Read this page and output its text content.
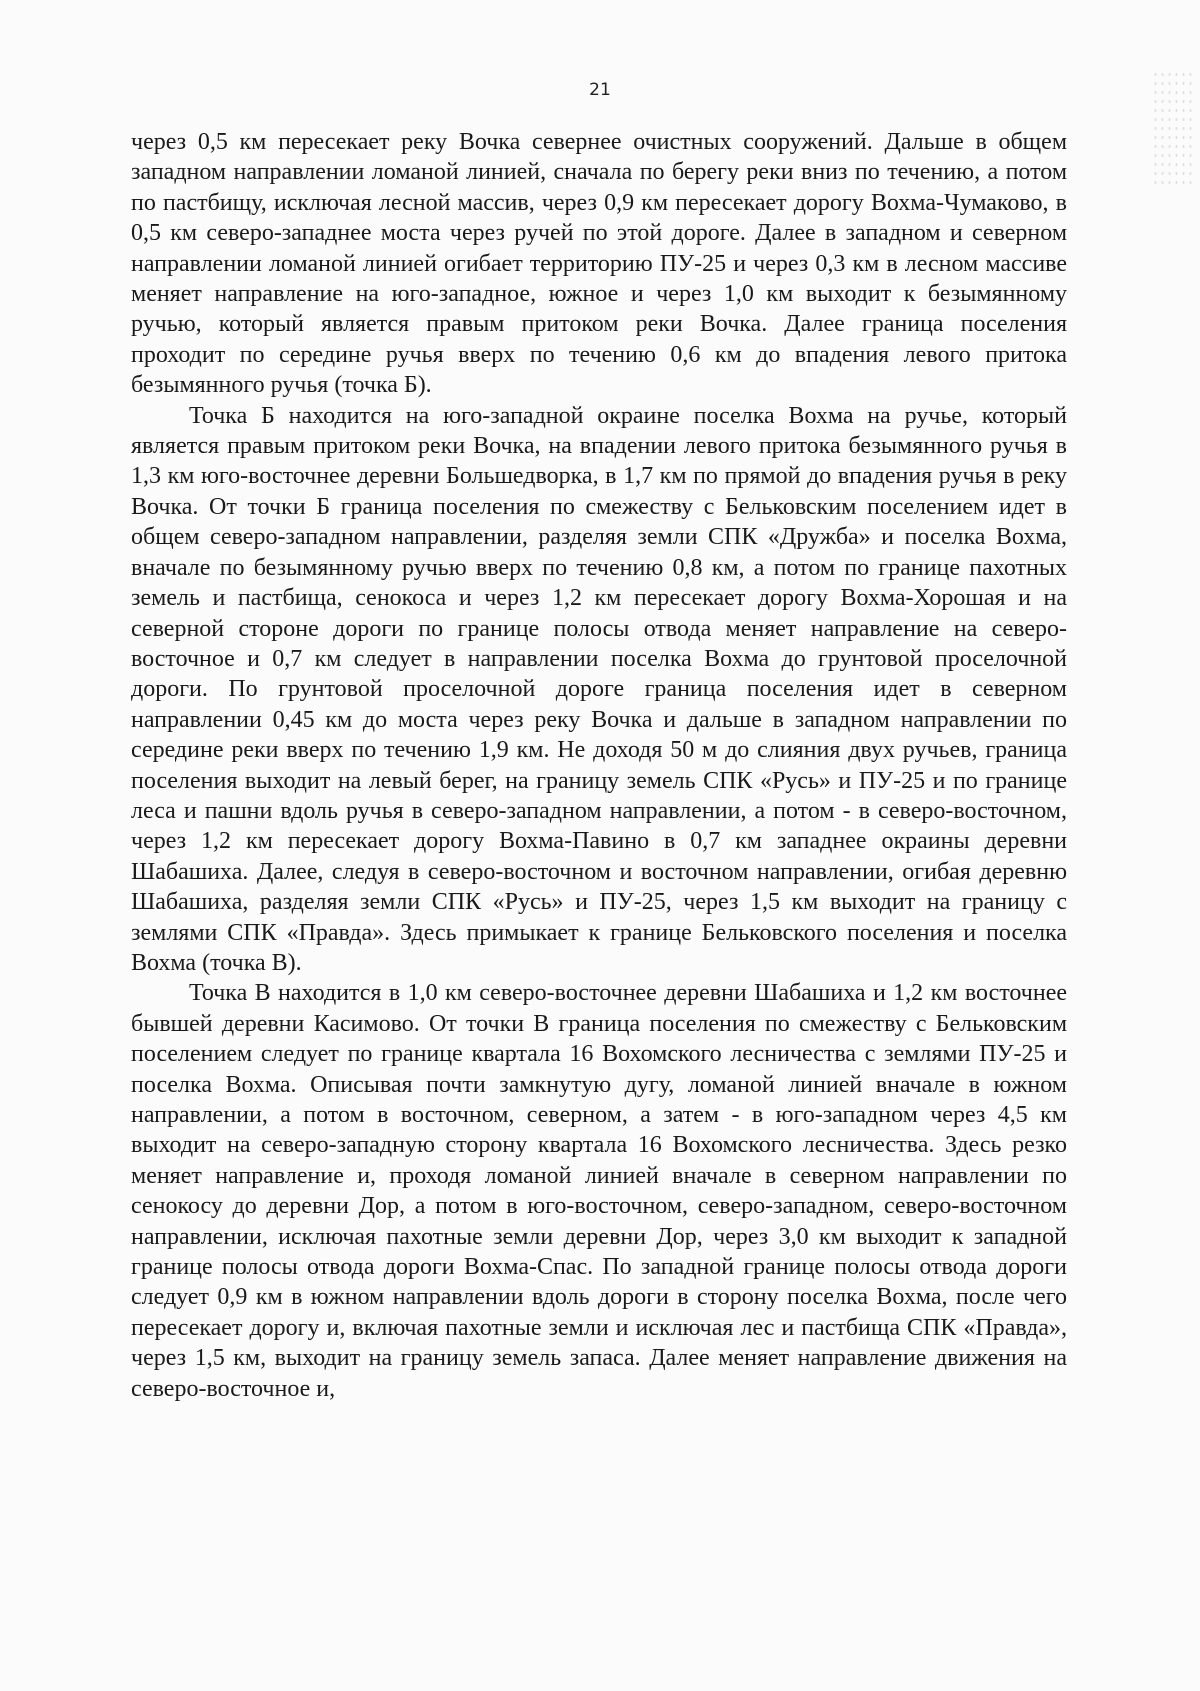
21

через 0,5 км пересекает реку Вочка севернее очистных сооружений. Дальше в общем западном направлении ломаной линией, сначала по берегу реки вниз по течению, а потом по пастбищу, исключая лесной массив, через 0,9 км пересекает дорогу Вохма-Чумаково, в 0,5 км северо-западнее моста через ручей по этой дороге. Далее в западном и северном направлении ломаной линией огибает территорию ПУ-25 и через 0,3 км в лесном массиве меняет направление на юго-западное, южное и через 1,0 км выходит к безымянному ручью, который является правым притоком реки Вочка. Далее граница поселения проходит по середине ручья вверх по течению 0,6 км до впадения левого притока безымянного ручья (точка Б).

Точка Б находится на юго-западной окраине поселка Вохма на ручье, который является правым притоком реки Вочка, на впадении левого притока безымянного ручья в 1,3 км юго-восточнее деревни Большедворка, в 1,7 км по прямой до впадения ручья в реку Вочка. От точки Б граница поселения по смежеству с Бельковским поселением идет в общем северо-западном направлении, разделяя земли СПК «Дружба» и поселка Вохма, вначале по безымянному ручью вверх по течению 0,8 км, а потом по границе пахотных земель и пастбища, сенокоса и через 1,2 км пересекает дорогу Вохма-Хорошая и на северной стороне дороги по границе полосы отвода меняет направление на северо-восточное и 0,7 км следует в направлении поселка Вохма до грунтовой проселочной дороги. По грунтовой проселочной дороге граница поселения идет в северном направлении 0,45 км до моста через реку Вочка и дальше в западном направлении по середине реки вверх по течению 1,9 км. Не доходя 50 м до слияния двух ручьев, граница поселения выходит на левый берег, на границу земель СПК «Русь» и ПУ-25 и по границе леса и пашни вдоль ручья в северо-западном направлении, а потом - в северо-восточном, через 1,2 км пересекает дорогу Вохма-Павино в 0,7 км западнее окраины деревни Шабашиха. Далее, следуя в северо-восточном и восточном направлении, огибая деревню Шабашиха, разделяя земли СПК «Русь» и ПУ-25, через 1,5 км выходит на границу с землями СПК «Правда». Здесь примыкает к границе Бельковского поселения и поселка Вохма (точка В).

Точка В находится в 1,0 км северо-восточнее деревни Шабашиха и 1,2 км восточнее бывшей деревни Касимово. От точки В граница поселения по смежеству с Бельковским поселением следует по границе квартала 16 Вохомского лесничества с землями ПУ-25 и поселка Вохма. Описывая почти замкнутую дугу, ломаной линией вначале в южном направлении, а потом в восточном, северном, а затем - в юго-западном через 4,5 км выходит на северо-западную сторону квартала 16 Вохомского лесничества. Здесь резко меняет направление и, проходя ломаной линией вначале в северном направлении по сенокосу до деревни Дор, а потом в юго-восточном, северо-западном, северо-восточном направлении, исключая пахотные земли деревни Дор, через 3,0 км выходит к западной границе полосы отвода дороги Вохма-Спас. По западной границе полосы отвода дороги следует 0,9 км в южном направлении вдоль дороги в сторону поселка Вохма, после чего пересекает дорогу и, включая пахотные земли и исключая лес и пастбища СПК «Правда», через 1,5 км, выходит на границу земель запаса. Далее меняет направление движения на северо-восточное и,
